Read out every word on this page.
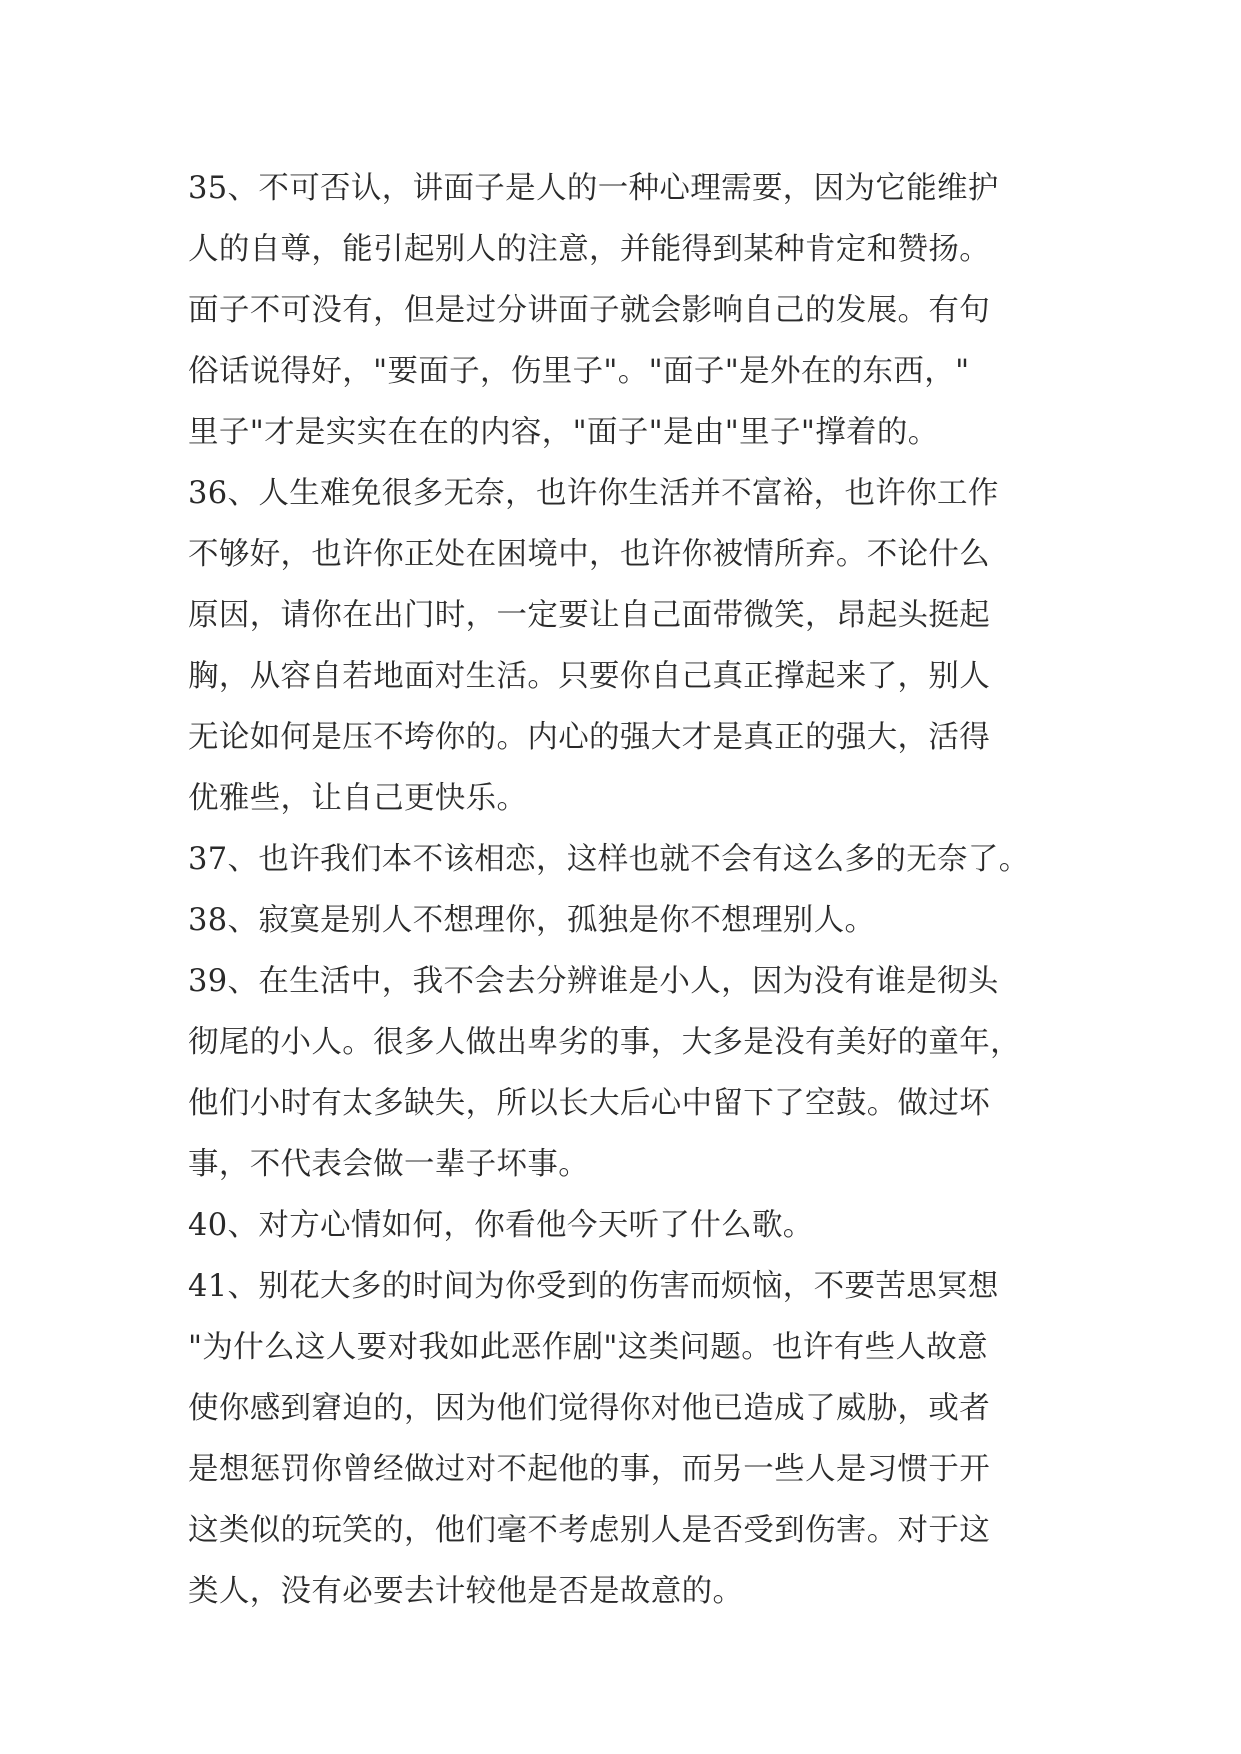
35、不可否认，讲面子是人的一种心理需要，因为它能维护
人的自尊，能引起别人的注意，并能得到某种肯定和赞扬。
面子不可没有，但是过分讲面子就会影响自己的发展。有句
俗话说得好，"要面子，伤里子"。"面子"是外在的东西，"
里子"才是实实在在的内容，"面子"是由"里子"撑着的。
36、人生难免很多无奈，也许你生活并不富裕，也许你工作
不够好，也许你正处在困境中，也许你被情所弃。不论什么
原因，请你在出门时，一定要让自己面带微笑，昂起头挺起
胸，从容自若地面对生活。只要你自己真正撑起来了，别人
无论如何是压不垮你的。内心的强大才是真正的强大，活得
优雅些，让自己更快乐。
37、也许我们本不该相恋，这样也就不会有这么多的无奈了。
38、寂寞是别人不想理你，孤独是你不想理别人。
39、在生活中，我不会去分辨谁是小人，因为没有谁是彻头
彻尾的小人。很多人做出卑劣的事，大多是没有美好的童年，
他们小时有太多缺失，所以长大后心中留下了空鼓。做过坏
事，不代表会做一辈子坏事。
40、对方心情如何，你看他今天听了什么歌。
41、别花大多的时间为你受到的伤害而烦恼，不要苦思冥想
"为什么这人要对我如此恶作剧"这类问题。也许有些人故意
使你感到窘迫的，因为他们觉得你对他已造成了威胁，或者
是想惩罚你曾经做过对不起他的事，而另一些人是习惯于开
这类似的玩笑的，他们毫不考虑别人是否受到伤害。对于这
类人，没有必要去计较他是否是故意的。
